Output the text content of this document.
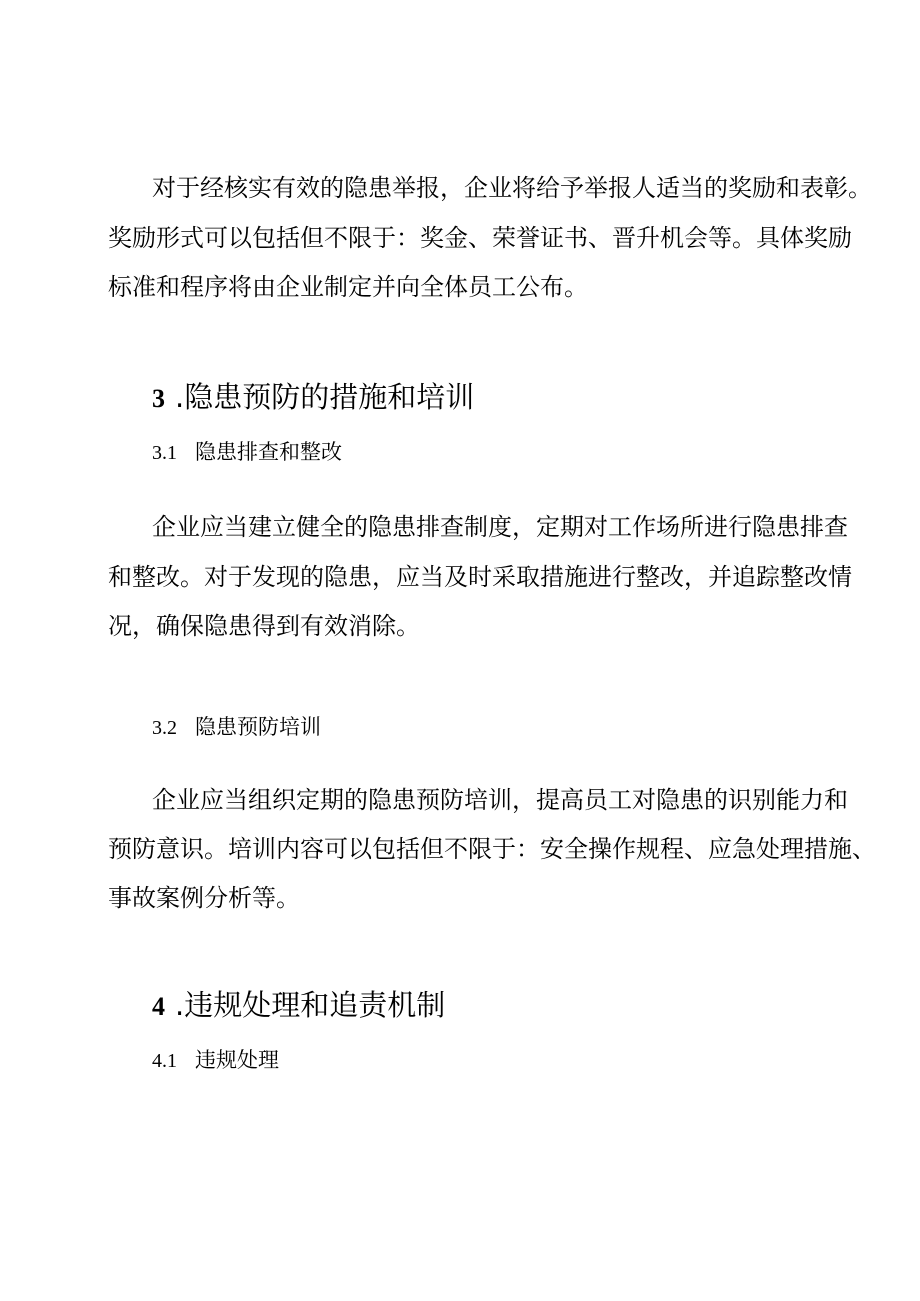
对于经核实有效的隐患举报，企业将给予举报人适当的奖励和表彰。

奖励形式可以包括但不限于：奖金、荣誉证书、晋升机会等。具体奖励

标准和程序将由企业制定并向全体员工公布。

3 .隐患预防的措施和培训
3.1 隐患排查和整改

企业应当建立健全的隐患排查制度，定期对工作场所进行隐患排查

和整改。对于发现的隐患，应当及时采取措施进行整改，并追踪整改情

况，确保隐患得到有效消除。

3.2 隐患预防培训

企业应当组织定期的隐患预防培训，提高员工对隐患的识别能力和

预防意识。培训内容可以包括但不限于：安全操作规程、应急处理措施、

事故案例分析等。

4 .违规处理和追责机制
4.1 违规处理
